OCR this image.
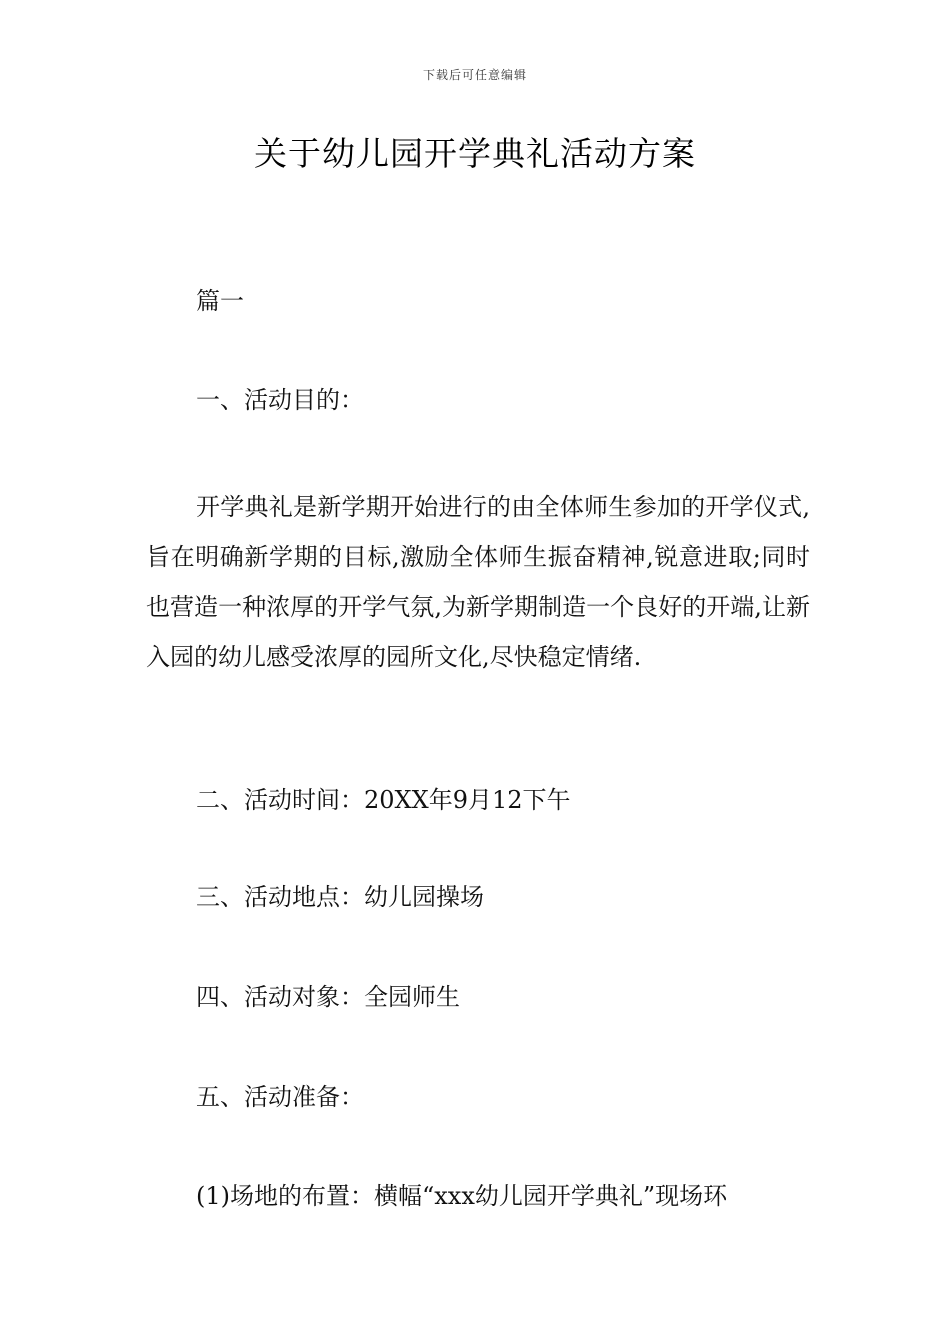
下载后可任意编辑
关于幼儿园开学典礼活动方案
篇一
一、活动目的：

开学典礼是新学期开始进行的由全体师生参加的开学仪式,旨在明确新学期的目标,激励全体师生振奋精神,锐意进取;同时也营造一种浓厚的开学气氛,为新学期制造一个良好的开端,让新入园的幼儿感受浓厚的园所文化,尽快稳定情绪.

二、活动时间：20XX年9月12下午
三、活动地点：幼儿园操场
四、活动对象：全园师生
五、活动准备：
(1)场地的布置：横幅“xxx幼儿园开学典礼”现场环
